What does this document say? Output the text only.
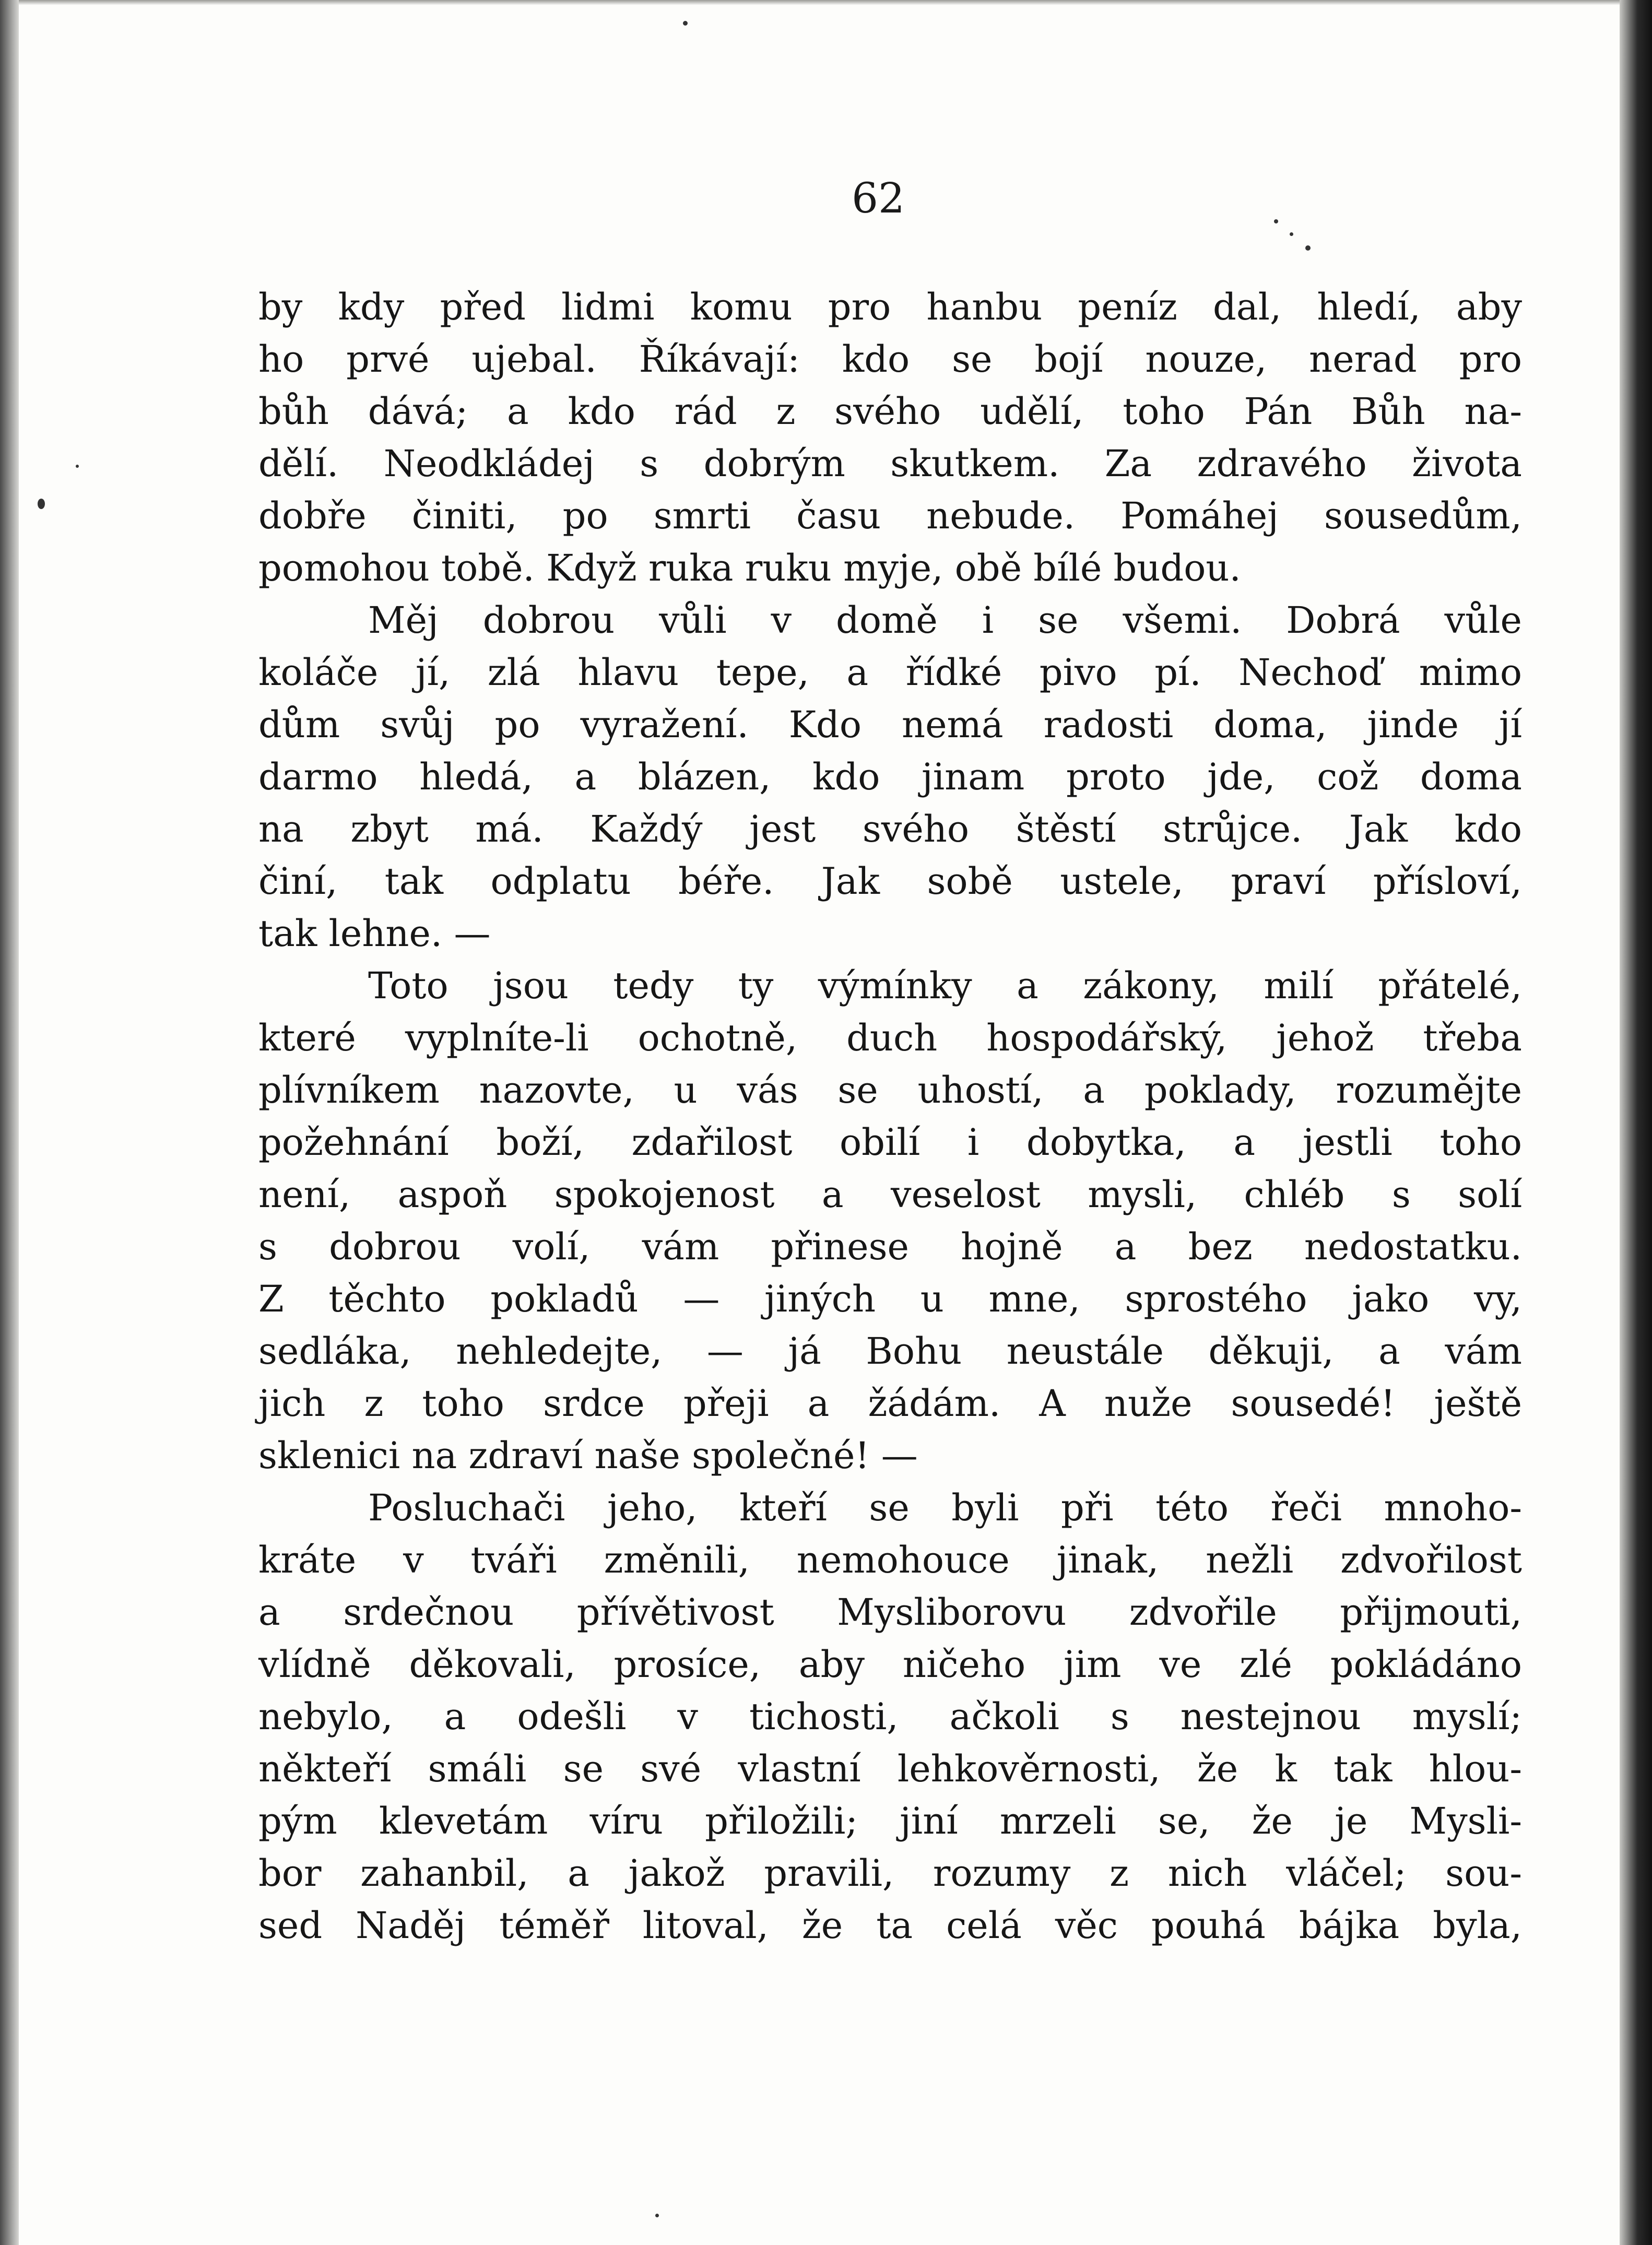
62
by kdy před lidmi komu pro hanbu peníz dal, hledí, aby
ho prvé ujebal. Říkávají: kdo se bojí nouze, nerad pro
bůh dává; a kdo rád z svého udělí, toho Pán Bůh na-
dělí. Neodkládej s dobrým skutkem. Za zdravého života
dobře činiti, po smrti času nebude. Pomáhej sousedům,
pomohou tobě. Když ruka ruku myje, obě bílé budou.
Měj dobrou vůli v domě i se všemi. Dobrá vůle
koláče jí, zlá hlavu tepe, a řídké pivo pí. Nechoď mimo
dům svůj po vyražení. Kdo nemá radosti doma, jinde jí
darmo hledá, a blázen, kdo jinam proto jde, což doma
na zbyt má. Každý jest svého štěstí strůjce. Jak kdo
činí, tak odplatu béře. Jak sobě ustele, praví přísloví,
tak lehne. —
Toto jsou tedy ty výmínky a zákony, milí přátelé,
které vyplníte-li ochotně, duch hospodářský, jehož třeba
plívníkem nazovte, u vás se uhostí, a poklady, rozumějte
požehnání boží, zdařilost obilí i dobytka, a jestli toho
není, aspoň spokojenost a veselost mysli, chléb s solí
s dobrou volí, vám přinese hojně a bez nedostatku.
Z těchto pokladů — jiných u mne, sprostého jako vy,
sedláka, nehledejte, — já Bohu neustále děkuji, a vám
jich z toho srdce přeji a žádám. A nuže sousedé! ještě
sklenici na zdraví naše společné! —
Posluchači jeho, kteří se byli při této řeči mnoho-
kráte v tváři změnili, nemohouce jinak, nežli zdvořilost
a srdečnou přívětivost Mysliborovu zdvořile přijmouti,
vlídně děkovali, prosíce, aby ničeho jim ve zlé pokládáno
nebylo, a odešli v tichosti, ačkoli s nestejnou myslí;
někteří smáli se své vlastní lehkověrnosti, že k tak hlou-
pým klevetám víru přiložili; jiní mrzeli se, že je Mysli-
bor zahanbil, a jakož pravili, rozumy z nich vláčel; sou-
sed Naděj téměř litoval, že ta celá věc pouhá bájka byla,
